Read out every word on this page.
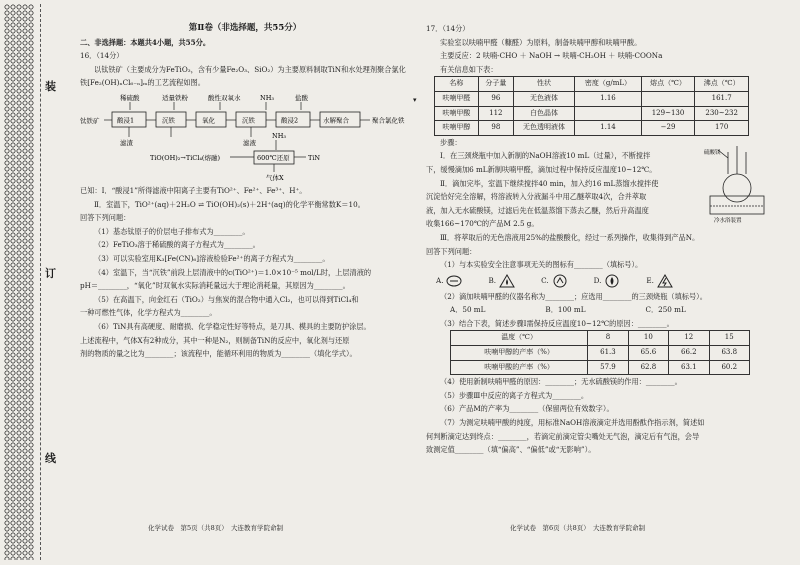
装
订
线

第Ⅱ卷（非选择题，共55分）

二、非选择题：本题共4小题，共55分。

16．（14分）

以钛铁矿（主要成分为FeTiO₃，含有少量Fe₂O₃、SiO₂）为主要原料制取TiN和水处理剂聚合氯化铁[Fe₂(OH)ₙCl₆₋ₙ]ₘ的工艺流程如图。

稀硫酸	适量铁粉	酸性双氧水	NH₃	盐酸
钛铁矿	酸浸1	沉铁	氧化	沉铁	酸浸2	水解聚合	聚合氯化铁
滤渣	滤液
NH₃
TiO(OH)₂→TiCl₄(熔融)	600℃还原	TiN
气体X

已知：Ⅰ．“酸浸1”所得滤液中阳离子主要有TiO²⁺、Fe²⁺、Fe³⁺、H⁺。

Ⅱ．室温下，TiO²⁺(aq)＋2H₂O ⇌ TiO(OH)₂(s)＋2H⁺(aq)的化学平衡常数K＝10。

回答下列问题：

（1）基态钛原子的价层电子排布式为________。

（2）FeTiO₃溶于稀硫酸的离子方程式为________。

（3）可以实验室用K₃[Fe(CN)₆]溶液检验Fe²⁺的离子方程式为________。

（4）室温下，当“沉铁”前段上层清液中的c(TiO²⁺)＝1.0×10⁻⁵ mol/L时，上层清液的

pH＝________，“氧化”时双氧水实际消耗量远大于理论消耗量，其原因为________。

（5）在高温下，向金红石（TiO₂）与焦炭的混合物中通入Cl₂，也可以得到TiCl₄和

一种可燃性气体，化学方程式为________。

（6）TiN具有高硬度、耐磨损、化学稳定性好等特点，是刀具、模具的主要防护涂层。

上述流程中，气体X有2种成分，其中一种是N₂，则制备TiN的反应中，氧化剂与还原

剂的物质的量之比为________；该流程中，能循环利用的物质为________（填化学式）。

▾

17．（14分）

实验室以呋喃甲醛（糠醛）为原料，制备呋喃甲醇和呋喃甲酸。

主要反应：2 呋喃-CHO ＋ NaOH → 呋喃-CH₂OH ＋ 呋喃-COONa

有关信息如下表：

名称	分子量	性状	密度（g/mL）	熔点（℃）	沸点（℃）
呋喃甲醛	96	无色液体	1.16		161.7
呋喃甲酸	112	白色晶体		129~130	230~232
呋喃甲醇	98	无色透明液体	1.14	−29	170

步骤：

Ⅰ．在三颈烧瓶中加入新制的NaOH溶液10 mL（过量），不断搅拌

下，缓慢滴加6 mL新制呋喃甲醛，滴加过程中保持反应温度10~12℃。

Ⅱ．滴加完毕，室温下继续搅拌40 min，加入约16 mL蒸馏水搅拌使

沉淀恰好完全溶解，将溶液转入分液漏斗中用乙醚萃取4次，合并萃取

液，加入无水硫酸镁，过滤后先在低温蒸馏下蒸去乙醚，然后升高温度

收集166~170℃的产品M 2.5 g。

硫酸镁
冷水浴装置

Ⅲ．将萃取后的无色溶液用25%的盐酸酸化，经过一系列操作，收集得到产品N。

回答下列问题：

（1）与本实验安全注意事项无关的图标有________（填标号）。

A.	B.	C.	D.	E.

（2）滴加呋喃甲醛的仪器名称为________；应选用________的三颈烧瓶（填标号）。

A．50 mL	B．100 mL	C．250 mL

（3）结合下表，简述步骤Ⅰ需保持反应温度10~12℃的原因：________。

温度（℃）	8	10	12	15
呋喃甲醇的产率（%）	61.3	65.6	66.2	63.8
呋喃甲酸的产率（%）	57.9	62.8	63.1	60.2

（4）使用新制呋喃甲醛的原因：________；无水硫酸镁的作用：________。

（5）步骤Ⅲ中反应的离子方程式为________。

（6）产品M的产率为________（保留两位有效数字）。

（7）为测定呋喃甲酸的纯度，用标准NaOH溶液滴定并选用酚酞作指示剂，简述如

何判断滴定达到终点：________，若滴定前滴定管尖嘴处无气泡，滴定后有气泡，会导

致测定值________（填“偏高”、“偏低”或“无影响”）。

化学试卷　第5页（共8页）　大连教育学院命制	化学试卷　第6页（共8页）　大连教育学院命制
